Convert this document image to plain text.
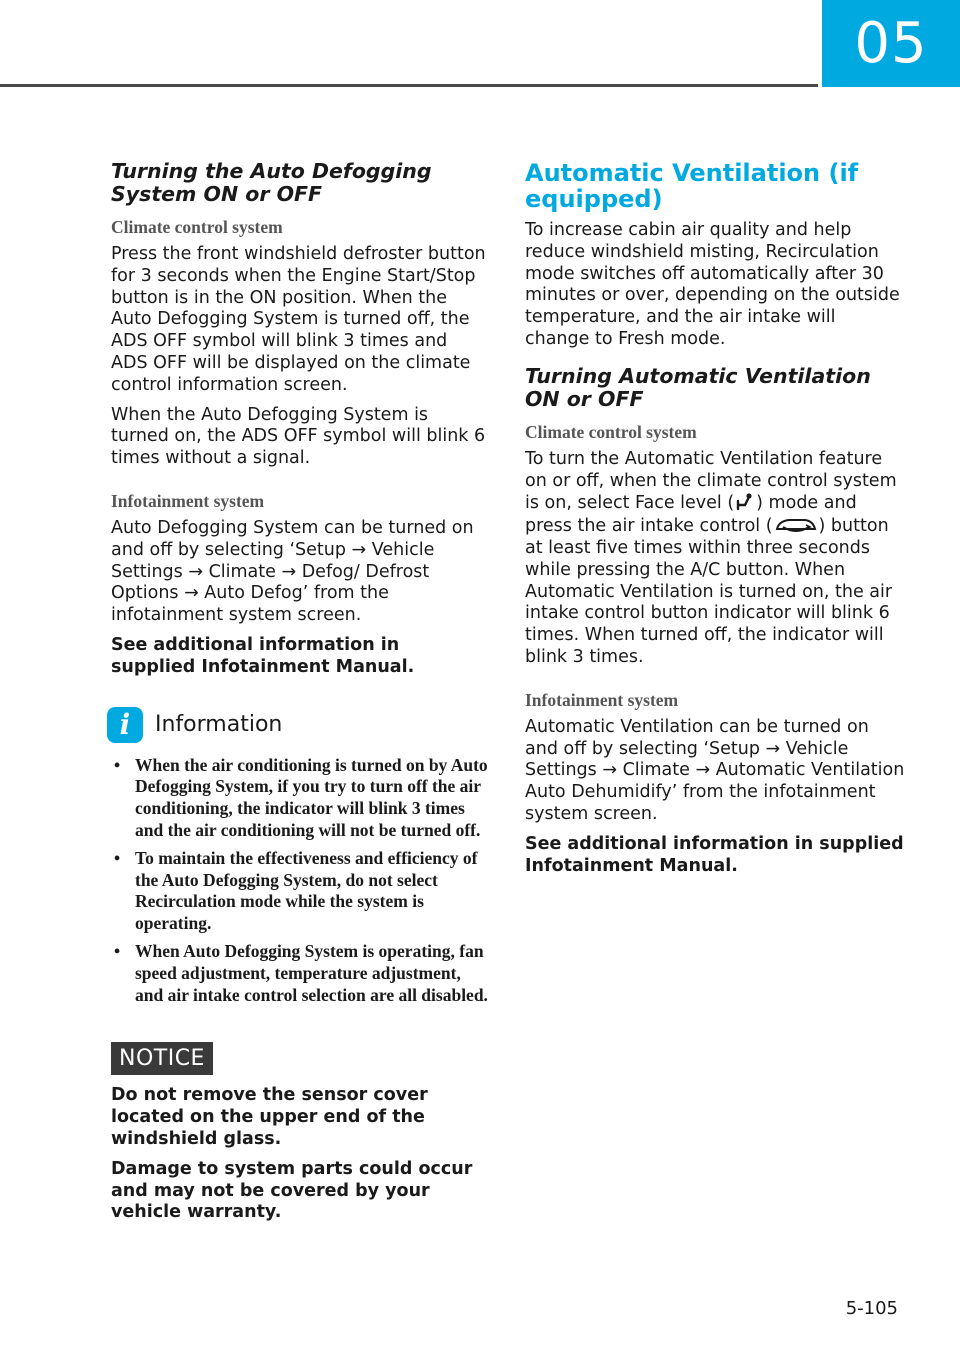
05
Turning the Auto Defogging System ON or OFF
Climate control system

Press the front windshield defroster button for 3 seconds when the Engine Start/Stop button is in the ON position. When the Auto Defogging System is turned off, the ADS OFF symbol will blink 3 times and ADS OFF will be displayed on the climate control information screen.

When the Auto Defogging System is turned on, the ADS OFF symbol will blink 6 times without a signal.

Infotainment system

Auto Defogging System can be turned on and off by selecting ‘Setup → Vehicle Settings → Climate → Defog/ Defrost Options → Auto Defog’ from the infotainment system screen.

See additional information in supplied Infotainment Manual.

i	Information
• When the air conditioning is turned on by Auto Defogging System, if you try to turn off the air conditioning, the indicator will blink 3 times and the air conditioning will not be turned off.
• To maintain the effectiveness and efficiency of the Auto Defogging System, do not select Recirculation mode while the system is operating.
• When Auto Defogging System is operating, fan speed adjustment, temperature adjustment, and air intake control selection are all disabled.
NOTICE

Do not remove the sensor cover located on the upper end of the windshield glass.

Damage to system parts could occur and may not be covered by your vehicle warranty.

Automatic Ventilation (if equipped)

To increase cabin air quality and help reduce windshield misting, Recirculation mode switches off automatically after 30 minutes or over, depending on the outside temperature, and the air intake will change to Fresh mode.

Turning Automatic Ventilation ON or OFF
Climate control system

To turn the Automatic Ventilation feature on or off, when the climate control system is on, select Face level ( ) mode and press the air intake control (	) button at least five times within three seconds while pressing the A/C button. When Automatic Ventilation is turned on, the air intake control button indicator will blink 6 times. When turned off, the indicator will blink 3 times.

Infotainment system

Automatic Ventilation can be turned on and off by selecting ‘Setup → Vehicle Settings → Climate → Automatic Ventilation Auto Dehumidify’ from the infotainment system screen.

See additional information in supplied Infotainment Manual.

5-105
